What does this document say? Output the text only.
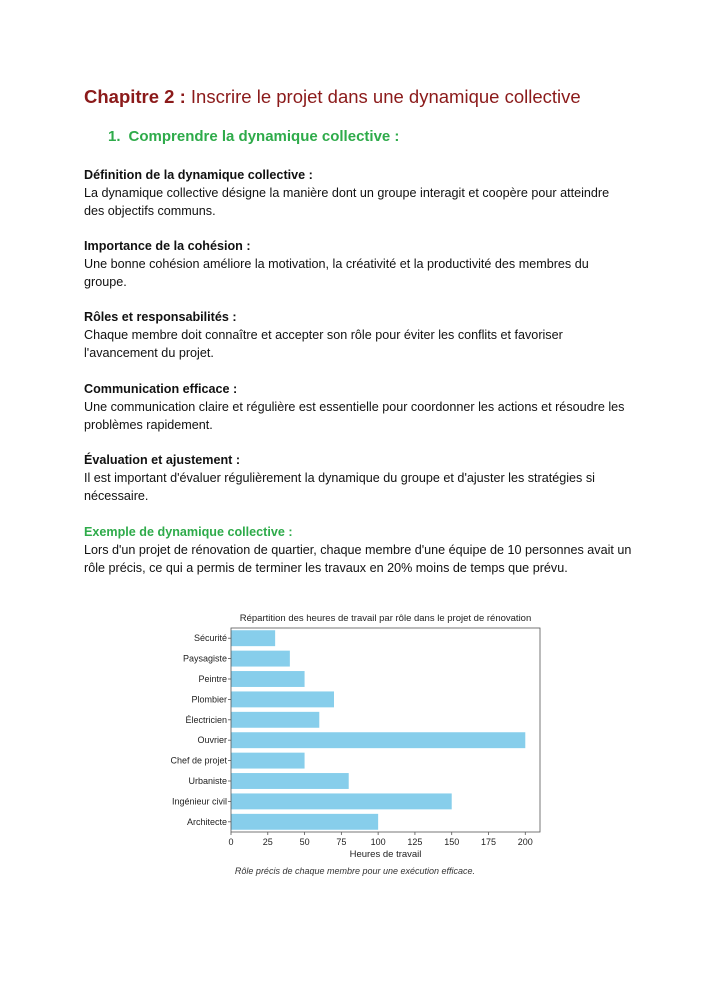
Chapitre 2 : Inscrire le projet dans une dynamique collective
1. Comprendre la dynamique collective :
Définition de la dynamique collective :
La dynamique collective désigne la manière dont un groupe interagit et coopère pour atteindre des objectifs communs.
Importance de la cohésion :
Une bonne cohésion améliore la motivation, la créativité et la productivité des membres du groupe.
Rôles et responsabilités :
Chaque membre doit connaître et accepter son rôle pour éviter les conflits et favoriser l'avancement du projet.
Communication efficace :
Une communication claire et régulière est essentielle pour coordonner les actions et résoudre les problèmes rapidement.
Évaluation et ajustement :
Il est important d'évaluer régulièrement la dynamique du groupe et d'ajuster les stratégies si nécessaire.
Exemple de dynamique collective :
Lors d'un projet de rénovation de quartier, chaque membre d'une équipe de 10 personnes avait un rôle précis, ce qui a permis de terminer les travaux en 20% moins de temps que prévu.
Répartition des heures de travail par rôle dans le projet de rénovation
Sécurité
Paysagiste
Peintre
Plombier
Électricien
Ouvrier
Chef de projet
Urbaniste
Ingénieur civil
Architecte
0	25	50	75	100 125 150 175 200
Heures de travail
Rôle précis de chaque membre pour une exécution efficace.
